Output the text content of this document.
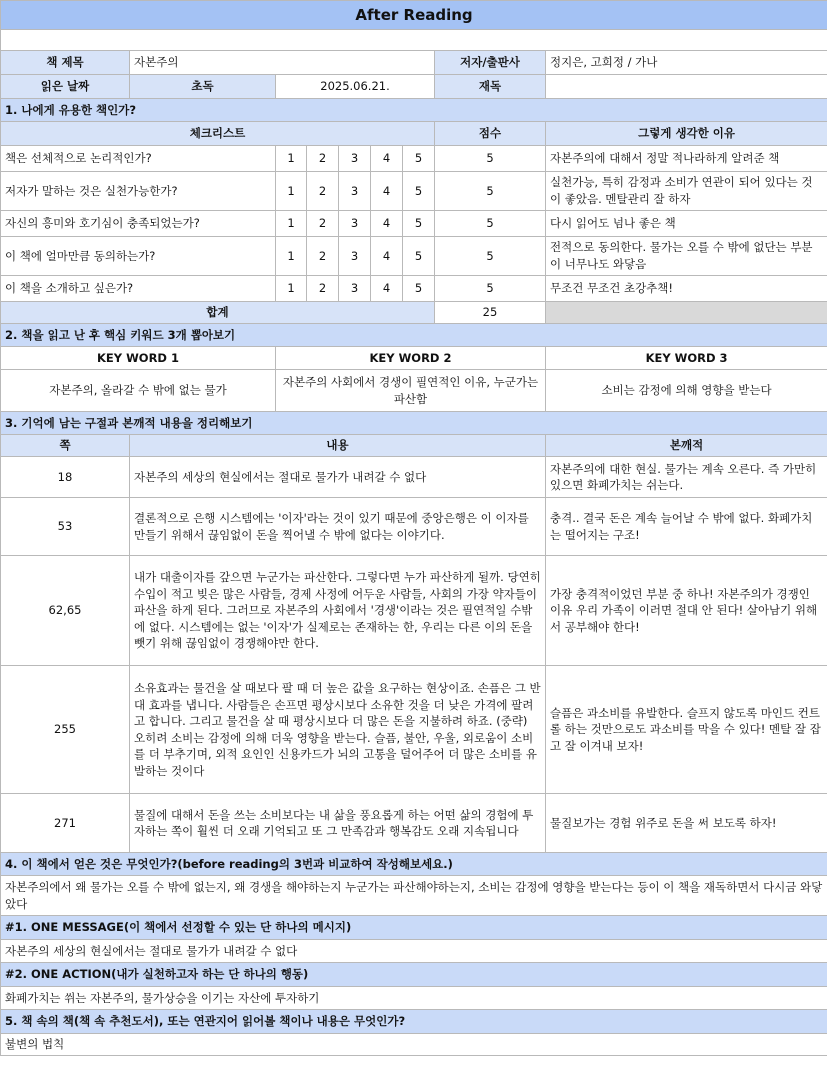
After Reading								

책 제목	자본주의						저자/출판사	정지은, 고희정 / 가나
읽은 날짜	초독	2025.06.21.					재독	
1. 나에게 유용한 책인가?								
체크리스트							점수	그렇게 생각한 이유
책은 선체적으로 논리적인가?		1	2	3	4	5	5	자본주의에 대해서 정말 적나라하게 알려준 책
저자가 말하는 것은 실천가능한가?		1	2	3	4	5	5	실천가능, 특히 감정과 소비가 연관이 되어 있다는 것이 좋았음. 멘탈관리 잘 하자
자신의 흥미와 호기심이 충족되었는가?		1	2	3	4	5	5	다시 읽어도 넘나 좋은 책
이 책에 얼마만큼 동의하는가?		1	2	3	4	5	5	전적으로 동의한다. 물가는 오를 수 밖에 없단는 부분이 너무나도 와닿음
이 책을 소개하고 싶은가?		1	2	3	4	5	5	무조건 무조건 초강추책!
합계							25	
2. 책을 읽고 난 후 핵심 키워드 3개 뽑아보기								
KEY WORD 1		KEY WORD 2						KEY WORD 3
자본주의, 올라갈 수 밖에 없는 물가		자본주의 사회에서 경생이 필연적인 이유, 누군가는 파산함						소비는 감정에 의해 영향을 받는다
3. 기억에 남는 구절과 본깨적 내용을 정리해보기								
쪽	내용							본깨적
18	자본주의 세상의 현실에서는 절대로 물가가 내려갈 수 없다							자본주의에 대한 현실. 물가는 계속 오른다. 즉 가만히 있으면 화폐가치는 쉬는다.
53	결론적으로 은행 시스템에는 '이자'라는 것이 있기 때문에 중앙은행은 이 이자를 만들기 위해서 끊임없이 돈을 찍어낼 수 밖에 없다는 이야기다.							충격.. 결국 돈은 계속 늘어날 수 밖에 없다. 화폐가치는 떨어지는 구조!
62,65	내가 대출이자를 갚으면 누군가는 파산한다. 그렇다면 누가 파산하게 될까. 당연히 수입이 적고 빚은 많은 사람들, 경제 사정에 어두운 사람들, 사회의 가장 약자들이 파산을 하게 된다. 그러므로 자본주의 사회에서 '경생'이라는 것은 필연적일 수밖에 없다. 시스템에는 없는 '이자'가 실제로는 존재하는 한, 우리는 다른 이의 돈을 뺏기 위해 끊임없이 경쟁해야만 한다.							가장 충격적이었던 부분 중 하나! 자본주의가 경쟁인 이유 우리 가족이 이러면 절대 안 된다! 살아남기 위해서 공부해야 한다!
255	소유효과는 물건을 살 때보다 팔 때 더 높은 값을 요구하는 현상이죠. 손픔은 그 반대 효과를 냅니다. 사람들은 손프면 평상시보다 소유한 것을 더 낮은 가격에 팔려고 합니다. 그리고 물건을 살 때 평상시보다 더 많은 돈을 지불하려 하죠. (중략) 오히려 소비는 감정에 의해 더욱 영향을 받는다. 슬픔, 불안, 우울, 외로움이 소비를 더 부추기며, 외적 요인인 신용카드가 뇌의 고통을 덜어주어 더 많은 소비를 유발하는 것이다							슬픔은 과소비를 유발한다. 슬프지 않도록 마인드 컨트롤 하는 것만으로도 과소비를 막을 수 있다! 멘탈 잘 잡고 잘 이겨내 보자!
271	물질에 대해서 돈을 쓰는 소비보다는 내 삶을 풍요롭게 하는 어떤 삶의 경험에 투자하는 쪽이 훨씬 더 오래 기억되고 또 그 만족감과 행복감도 오래 지속됩니다							물질보가는 경험 위주로 돈을 써 보도록 하자!
4. 이 책에서 얻은 것은 무엇인가?(before reading의 3번과 비교하여 작성해보세요.)								
자본주의에서 왜 물가는 오를 수 밖에 없는지, 왜 경생을 해야하는지 누군가는 파산해야하는지, 소비는 감정에 영향을 받는다는 등이 이 책을 재독하면서 다시금 와닿았다								
#1. ONE MESSAGE(이 책에서 선정할 수 있는 단 하나의 메시지)								
자본주의 세상의 현실에서는 절대로 물가가 내려갈 수 없다								
#2. ONE ACTION(내가 실천하고자 하는 단 하나의 행동)								
화폐가치는 쒸는 자본주의, 물가상승을 이기는 자산에 투자하기								
5. 책 속의 책(책 속 추천도서), 또는 연관지어 읽어볼 책이나 내용은 무엇인가?								
불변의 법칙								
